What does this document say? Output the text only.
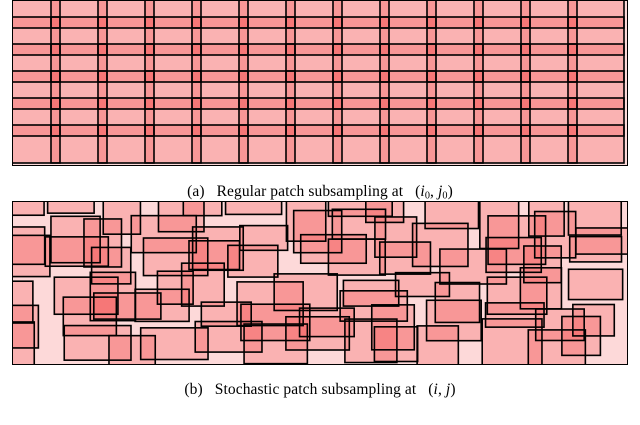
(a) Regular patch subsampling at ($i_0$, $j_0$)
(b) Stochastic patch subsampling at (i, j)
